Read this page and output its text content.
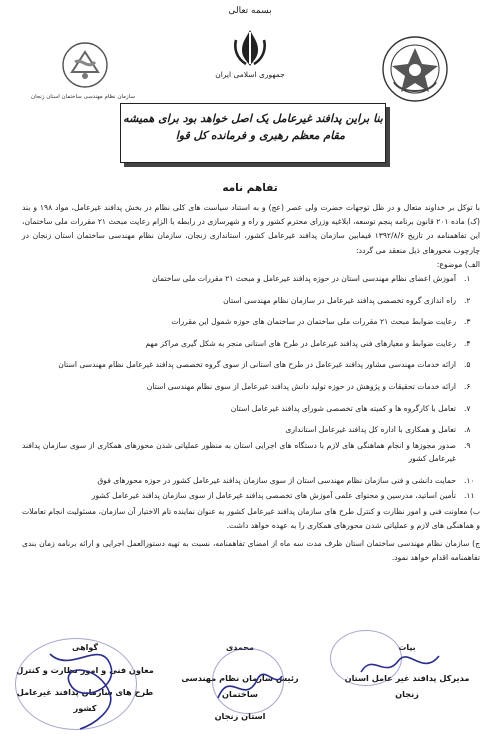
بسمه تعالی
جمهوری اسلامی ایران
سازمان نظام مهندسی ساختمان استان زنجان
بنا براین پدافند غیرعامل یک اصل خواهد بود برای همیشه
مقام معظم رهبری و فرمانده کل قوا
تفاهم نامه

با توکل بر خداوند متعال و در ظل توجهات حضرت ولی عصر (عج) و به استناد سیاست های کلی نظام در بخش پدافند غیرعامل، مواد ۱۹۸ و بند (ک) ماده ۲۰۱ قانون برنامه پنجم توسعه، ابلاغیه وزرای محترم کشور و راه و شهرسازی در رابطه با الزام رعایت مبحث ۲۱ مقررات ملی ساختمان، این تفاهمنامه در تاریخ ۱۳۹۲/۸/۶ فیمابین سازمان پدافند غیرعامل کشور، استانداری زنجان، سازمان نظام مهندسی ساختمان استان زنجان در چارچوب محورهای ذیل منعقد می گردد:

الف) موضوع:

۱.
آموزش اعضای نظام مهندسی استان در حوزه پدافند غیرعامل و مبحث ۲۱ مقررات ملی ساختمان
۲.
راه اندازی گروه تخصصی پدافند غیرعامل در سازمان نظام مهندسی استان
۳.
رعایت ضوابط مبحث ۲۱ مقررات ملی ساختمان در ساختمان های حوزه شمول این مقررات
۴.
رعایت ضوابط و معیارهای فنی پدافند غیرعامل در طرح های استانی منجر به شکل گیری مراکز مهم
۵.
ارائه خدمات مهندسی مشاور پدافند غیرعامل در طرح های استانی از سوی گروه تخصصی پدافند غیرعامل نظام مهندسی استان
۶.
ارائه خدمات تحقیقات و پژوهش در حوزه تولید دانش پدافند غیرعامل از سوی نظام مهندسی استان
۷.
تعامل با کارگروه ها و کمیته های تخصصی شورای پدافند غیرعامل استان
۸.
تعامل و همکاری با اداره کل پدافند غیرعامل استانداری
۹.
صدور مجوزها و انجام هماهنگی های لازم با دستگاه های اجرایی استان به منظور عملیاتی شدن محورهای همکاری از سوی سازمان پدافند غیرعامل کشور
۱۰.
حمایت دانشی و فنی سازمان نظام مهندسی استان از سوی سازمان پدافند غیرعامل کشور در حوزه محورهای فوق
۱۱.
تأمین اساتید، مدرسین و محتوای علمی آموزش های تخصصی پدافند غیرعامل از سوی سازمان پدافند غیرعامل کشور

ب) معاونت فنی و امور نظارت و کنترل طرح های سازمان پدافند غیرعامل کشور به عنوان نماینده تام الاختیار آن سازمان، مسئولیت انجام تعاملات و هماهنگی های لازم و عملیاتی شدن محورهای همکاری را به عهده خواهد داشت.

ج) سازمان نظام مهندسی ساختمان استان ظرف مدت سه ماه از امضای تفاهمنامه، نسبت به تهیه دستورالعمل اجرایی و ارائه برنامه زمان بندی تفاهمنامه اقدام خواهد نمود.

بیات
مدیرکل پدافند غیر عامل استان زنجان
محمدی
رئیس سازمان نظام مهندسی ساختمان
استان زنجان
گواهی
معاون فنی و امور نظارت و کنترل
طرح های سازمان پدافند غیرعامل کشور
